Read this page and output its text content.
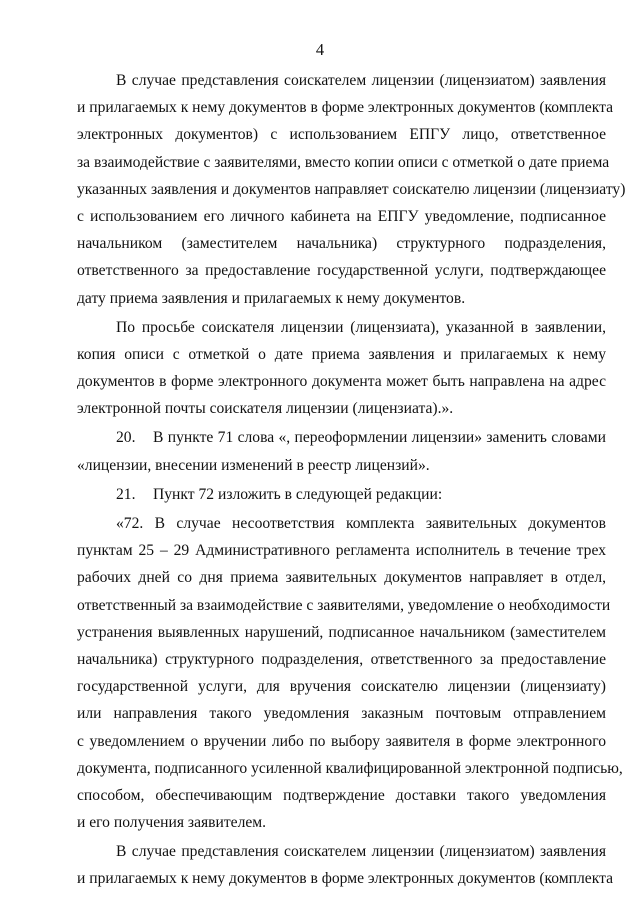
4
В случае представления соискателем лицензии (лицензиатом) заявления
и прилагаемых к нему документов в форме электронных документов (комплекта
электронных документов) с использованием ЕПГУ лицо, ответственное
за взаимодействие с заявителями, вместо копии описи с отметкой о дате приема
указанных заявления и документов направляет соискателю лицензии (лицензиату)
с использованием его личного кабинета на ЕПГУ уведомление, подписанное
начальником (заместителем начальника) структурного подразделения,
ответственного за предоставление государственной услуги, подтверждающее
дату приема заявления и прилагаемых к нему документов.
По просьбе соискателя лицензии (лицензиата), указанной в заявлении,
копия описи с отметкой о дате приема заявления и прилагаемых к нему
документов в форме электронного документа может быть направлена на адрес
электронной почты соискателя лицензии (лицензиата).».
20. В пункте 71 слова «, переоформлении лицензии» заменить словами
«лицензии, внесении изменений в реестр лицензий».
21. Пункт 72 изложить в следующей редакции:
«72. В случае несоответствия комплекта заявительных документов
пунктам 25 – 29 Административного регламента исполнитель в течение трех
рабочих дней со дня приема заявительных документов направляет в отдел,
ответственный за взаимодействие с заявителями, уведомление о необходимости
устранения выявленных нарушений, подписанное начальником (заместителем
начальника) структурного подразделения, ответственного за предоставление
государственной услуги, для вручения соискателю лицензии (лицензиату)
или направления такого уведомления заказным почтовым отправлением
с уведомлением о вручении либо по выбору заявителя в форме электронного
документа, подписанного усиленной квалифицированной электронной подписью,
способом, обеспечивающим подтверждение доставки такого уведомления
и его получения заявителем.
В случае представления соискателем лицензии (лицензиатом) заявления
и прилагаемых к нему документов в форме электронных документов (комплекта
